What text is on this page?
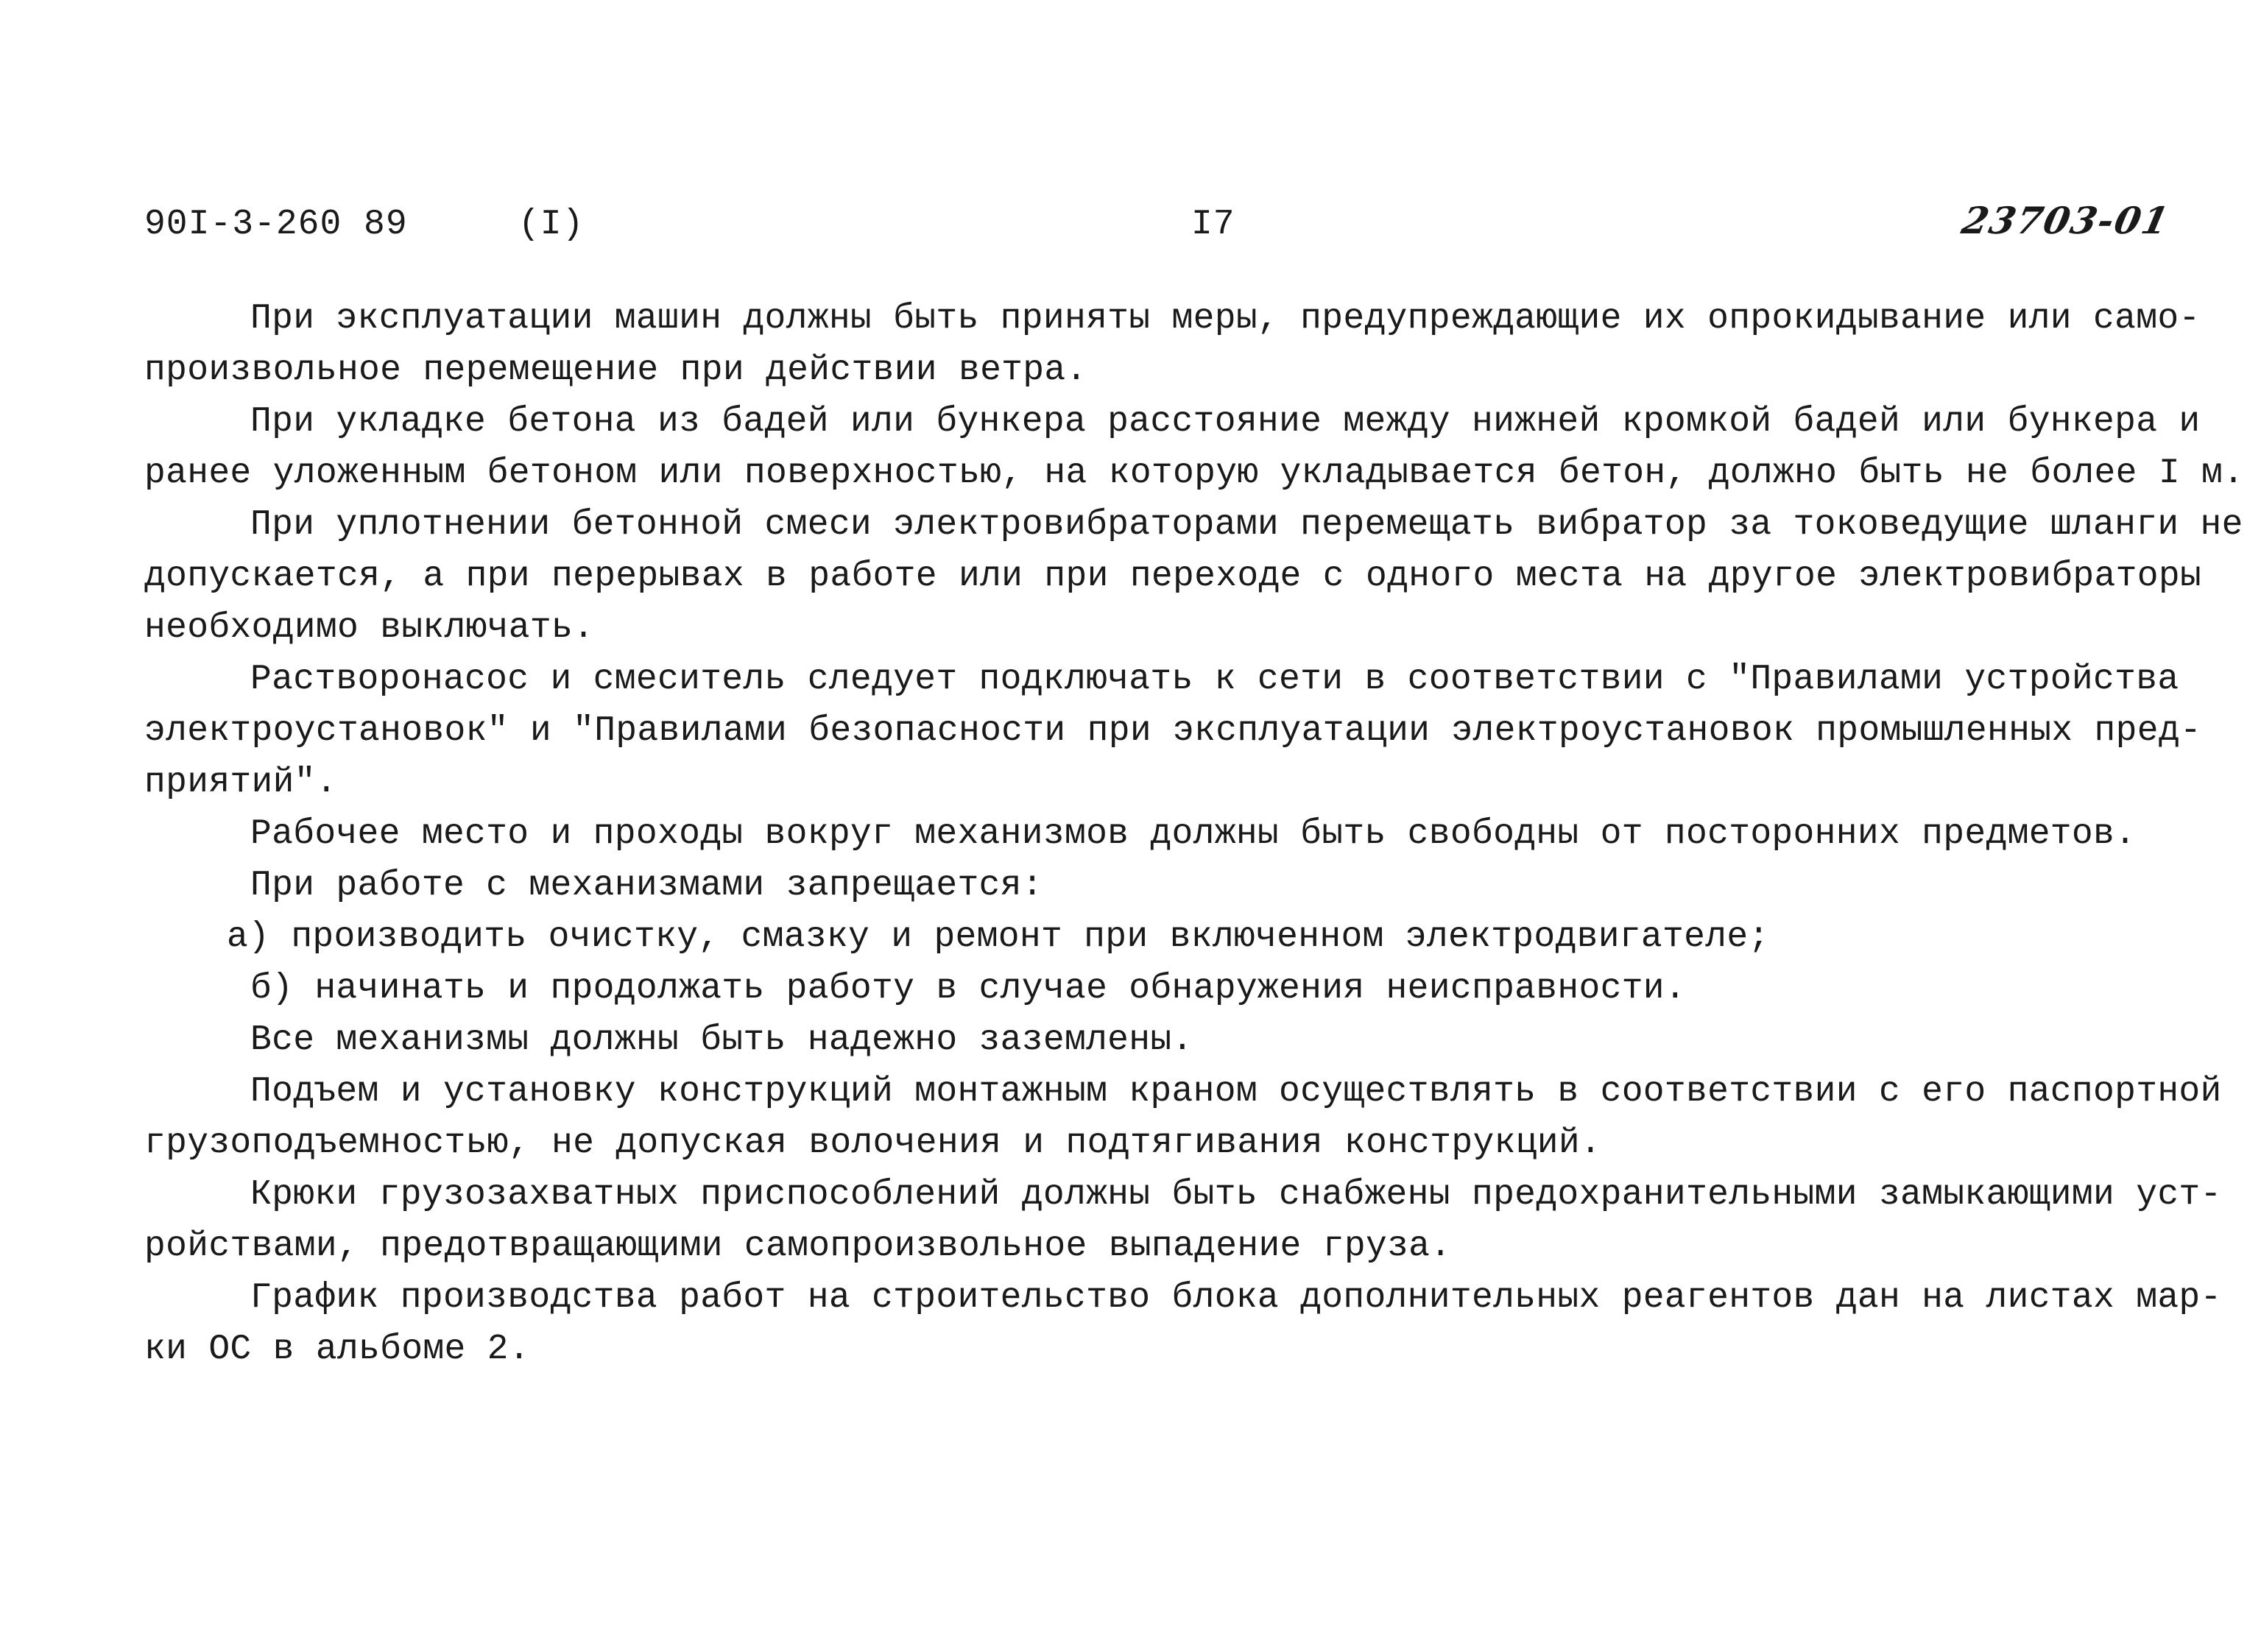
90I-3-260 89	(I)	I7	23703-01
При эксплуатации машин должны быть приняты меры, предупреждающие их опрокидывание или само-
произвольное перемещение при действии ветра.
При укладке бетона из бадей или бункера расстояние между нижней кромкой бадей или бункера и
ранее уложенным бетоном или поверхностью, на которую укладывается бетон, должно быть не более I м.
При уплотнении бетонной смеси электровибраторами перемещать вибратор за токоведущие шланги не
допускается, а при перерывах в работе или при переходе с одного места на другое электровибраторы
необходимо выключать.
Растворонасос и смеситель следует подключать к сети в соответствии с "Правилами устройства
электроустановок" и "Правилами безопасности при эксплуатации электроустановок промышленных пред-
приятий".
Рабочее место и проходы вокруг механизмов должны быть свободны от посторонних предметов.
При работе с механизмами запрещается:
а) производить очистку, смазку и ремонт при включенном электродвигателе;
б) начинать и продолжать работу в случае обнаружения неисправности.
Все механизмы должны быть надежно заземлены.
Подъем и установку конструкций монтажным краном осуществлять в соответствии с его паспортной
грузоподъемностью, не допуская волочения и подтягивания конструкций.
Крюки грузозахватных приспособлений должны быть снабжены предохранительными замыкающими уст-
ройствами, предотвращающими самопроизвольное выпадение груза.
График производства работ на строительство блока дополнительных реагентов дан на листах мар-
ки ОС в альбоме 2.
